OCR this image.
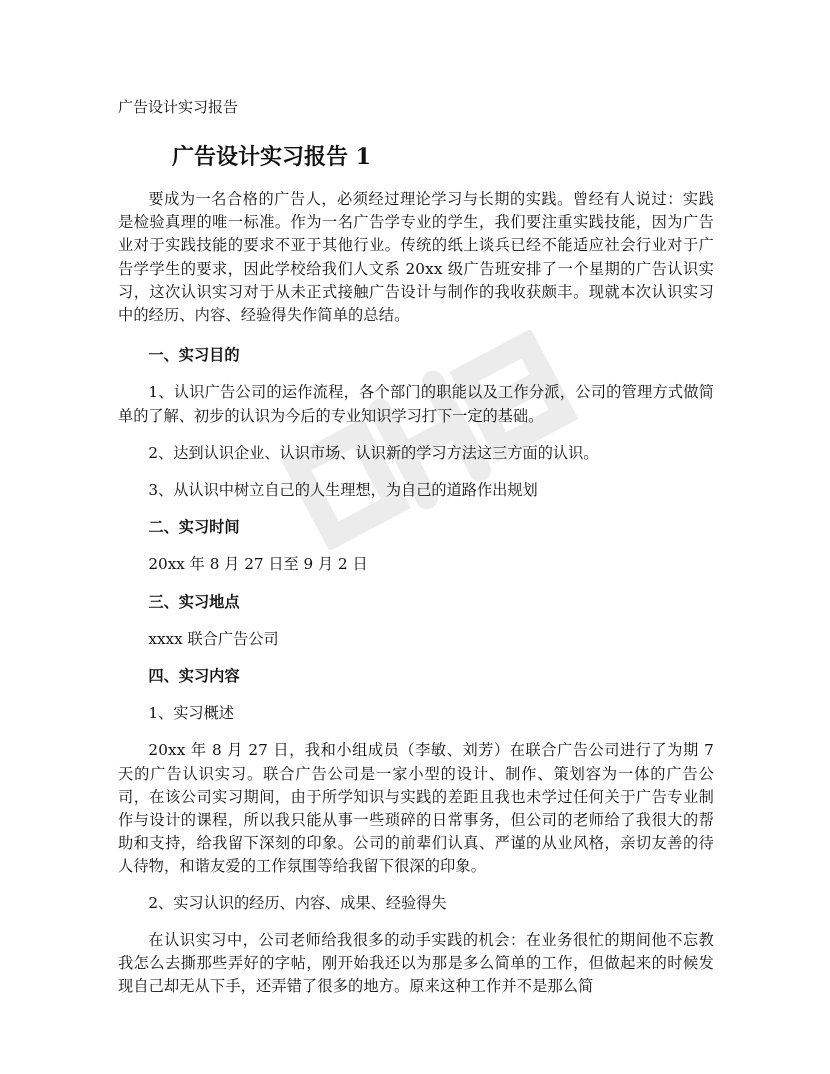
广告设计实习报告
广告设计实习报告 1

要成为一名合格的广告人，必须经过理论学习与长期的实践。曾经有人说过：实践是检验真理的唯一标准。作为一名广告学专业的学生，我们要注重实践技能，因为广告业对于实践技能的要求不亚于其他行业。传统的纸上谈兵已经不能适应社会行业对于广告学学生的要求，因此学校给我们人文系 20xx 级广告班安排了一个星期的广告认识实习，这次认识实习对于从未正式接触广告设计与制作的我收获颇丰。现就本次认识实习中的经历、内容、经验得失作简单的总结。

一、实习目的

1、认识广告公司的运作流程，各个部门的职能以及工作分派，公司的管理方式做简单的了解、初步的认识为今后的专业知识学习打下一定的基础。

2、达到认识企业、认识市场、认识新的学习方法这三方面的认识。

3、从认识中树立自己的人生理想，为自己的道路作出规划

二、实习时间

20xx 年 8 月 27 日至 9 月 2 日

三、实习地点

xxxx 联合广告公司

四、实习内容

1、实习概述

20xx 年 8 月 27 日，我和小组成员（李敏、刘芳）在联合广告公司进行了为期 7 天的广告认识实习。联合广告公司是一家小型的设计、制作、策划容为一体的广告公司，在该公司实习期间，由于所学知识与实践的差距且我也未学过任何关于广告专业制作与设计的课程，所以我只能从事一些琐碎的日常事务，但公司的老师给了我很大的帮助和支持，给我留下深刻的印象。公司的前辈们认真、严谨的从业风格，亲切友善的待人待物，和谐友爱的工作氛围等给我留下很深的印象。

2、实习认识的经历、内容、成果、经验得失

在认识实习中，公司老师给我很多的动手实践的机会：在业务很忙的期间他不忘教我怎么去撕那些弄好的字帖，刚开始我还以为那是多么简单的工作，但做起来的时候发现自己却无从下手，还弄错了很多的地方。原来这种工作并不是那么简
